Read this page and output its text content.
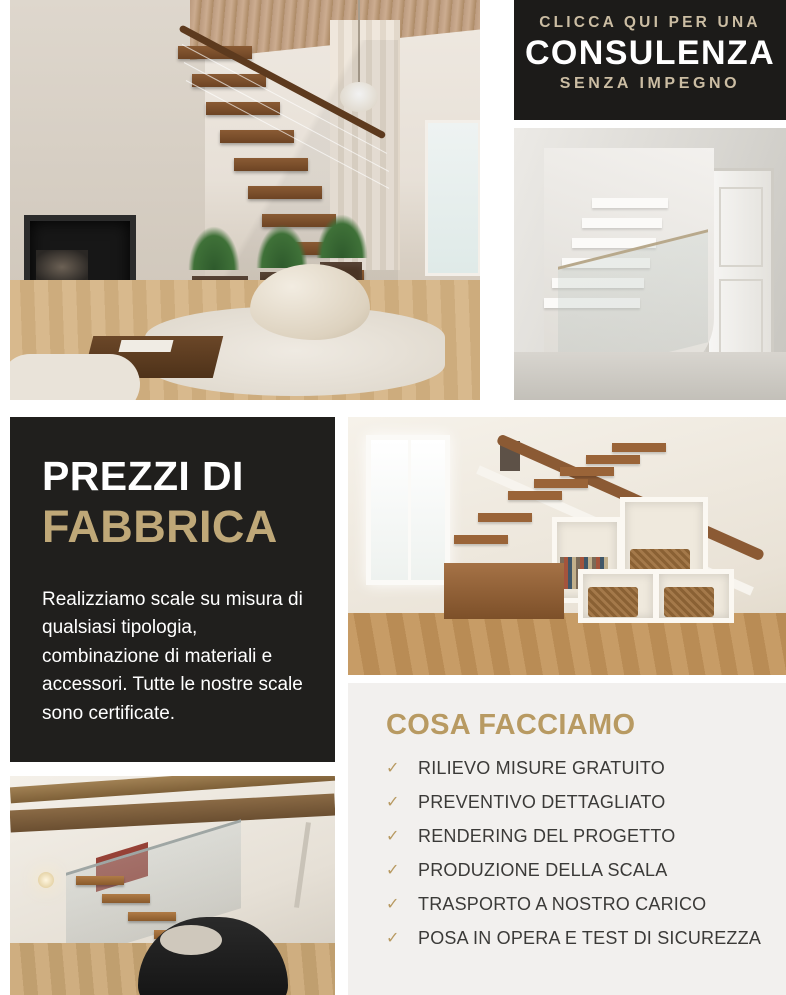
CLICCA QUI PER UNA
CONSULENZA
SENZA IMPEGNO
PREZZI DI
FABBRICA
Realizziamo scale su misura di qualsiasi tipologia, combinazione di materiali e accessori. Tutte le nostre scale sono certificate.	COSA FACCIAMO
✓	RILIEVO MISURE GRATUITO
✓	PREVENTIVO DETTAGLIATO
✓	RENDERING DEL PROGETTO
✓	PRODUZIONE DELLA SCALA
✓	TRASPORTO A NOSTRO CARICO
✓	POSA IN OPERA E TEST DI SICUREZZA
